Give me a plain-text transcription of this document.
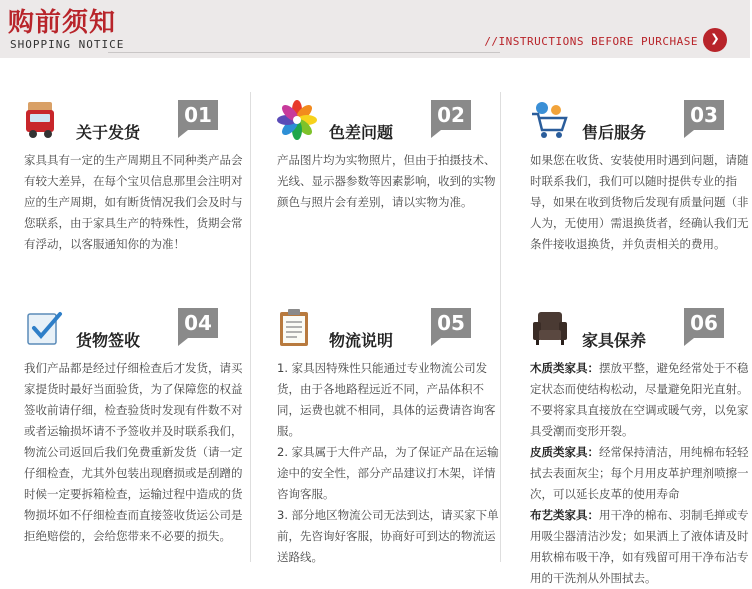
购前须知
SHOPPING NOTICE	//INSTRUCTIONS BEFORE PURCHASE	❯
关于发货
01
家具具有一定的生产周期且不同种类产品会有较大差异，在每个宝贝信息那里会注明对应的生产周期，如有断货情况我们会及时与您联系，由于家具生产的特殊性，货期会常有浮动，以客服通知你的为准！
色差问题
02
产品图片均为实物照片，但由于拍摄技术、光线、显示器参数等因素影响，收到的实物颜色与照片会有差别，请以实物为准。
售后服务
03
如果您在收货、安装使用时遇到问题，请随时联系我们，我们可以随时提供专业的指导，如果在收到货物后发现有质量问题（非人为，无使用）需退换货者，经确认我们无条件接收退换货，并负责相关的费用。
货物签收
04
我们产品都是经过仔细检查后才发货，请买家提货时最好当面验货，为了保障您的权益签收前请仔细，检查验货时发现有件数不对或者运输损坏请不予签收并及时联系我们，物流公司返回后我们免费重新发货（请一定仔细检查，尤其外包装出现磨损或是刮蹭的时候一定要拆箱检查，运输过程中造成的货物损坏如不仔细检查而直接签收货运公司是拒绝赔偿的，会给您带来不必要的损失。
物流说明
05

1. 家具因特殊性只能通过专业物流公司发货，由于各地路程远近不同，产品体积不同，运费也就不相同，具体的运费请咨询客服。

2. 家具属于大件产品，为了保证产品在运输途中的安全性，部分产品建议打木架，详情咨询客服。

3. 部分地区物流公司无法到达，请买家下单前，先咨询好客服，协商好可到达的物流运送路线。

家具保养
06

木质类家具：摆放平整，避免经常处于不稳定状态而使结构松动，尽量避免阳光直射。不要将家具直接放在空调或暖气旁，以免家具受潮而变形开裂。

皮质类家具：经常保持清洁，用纯棉布轻轻拭去表面灰尘；每个月用皮革护理剂喷擦一次，可以延长皮革的使用寿命

布艺类家具：用干净的棉布、羽制毛掸或专用吸尘器清洁沙发；如果洒上了液体请及时用软棉布吸干净，如有残留可用干净布沾专用的干洗剂从外围拭去。
